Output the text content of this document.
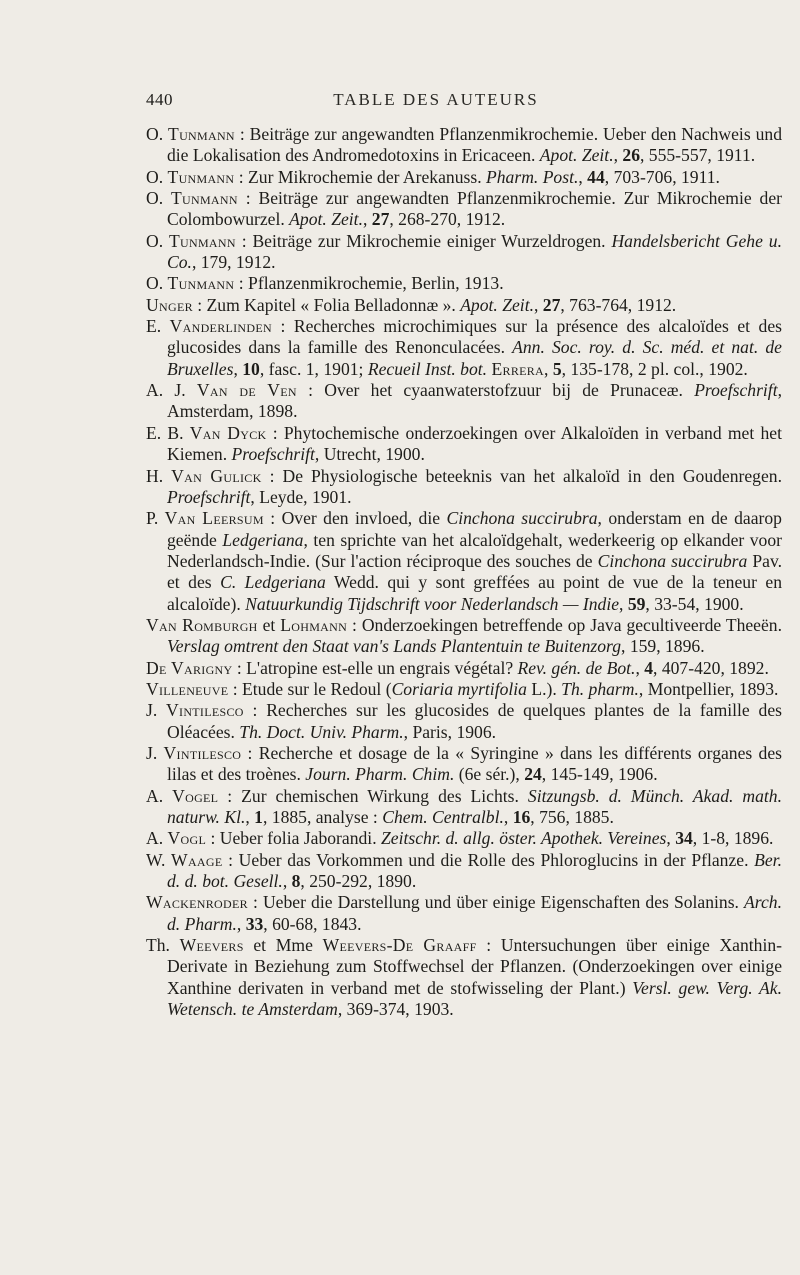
440	TABLE DES AUTEURS

O. Tunmann : Beiträge zur angewandten Pflanzenmikrochemie. Ueber den Nachweis und die Lokalisation des Andromedotoxins in Ericaceen. Apot. Zeit., 26, 555-557, 1911.

O. Tunmann : Zur Mikrochemie der Arekanuss. Pharm. Post., 44, 703-706, 1911.

O. Tunmann : Beiträge zur angewandten Pflanzenmikrochemie. Zur Mikrochemie der Colombowurzel. Apot. Zeit., 27, 268-270, 1912.

O. Tunmann : Beiträge zur Mikrochemie einiger Wurzeldrogen. Handelsbericht Gehe u. Co., 179, 1912.

O. Tunmann : Pflanzenmikrochemie, Berlin, 1913.

Unger : Zum Kapitel « Folia Belladonnæ ». Apot. Zeit., 27, 763-764, 1912.

E. Vanderlinden : Recherches microchimiques sur la présence des alcaloïdes et des glucosides dans la famille des Renonculacées. Ann. Soc. roy. d. Sc. méd. et nat. de Bruxelles, 10, fasc. 1, 1901; Recueil Inst. bot. Errera, 5, 135-178, 2 pl. col., 1902.

A. J. Van de Ven : Over het cyaanwaterstofzuur bij de Prunaceæ. Proefschrift, Amsterdam, 1898.

E. B. Van Dyck : Phytochemische onderzoekingen over Alkaloïden in verband met het Kiemen. Proefschrift, Utrecht, 1900.

H. Van Gulick : De Physiologische beteeknis van het alkaloïd in den Goudenregen. Proefschrift, Leyde, 1901.

P. Van Leersum : Over den invloed, die Cinchona succirubra, onderstam en de daarop geënde Ledgeriana, ten sprichte van het alcaloïdgehalt, wederkeerig op elkander voor Nederlandsch-Indie. (Sur l'action réciproque des souches de Cinchona succirubra Pav. et des C. Ledgeriana Wedd. qui y sont greffées au point de vue de la teneur en alcaloïde). Natuurkundig Tijdschrift voor Nederlandsch — Indie, 59, 33-54, 1900.

Van Romburgh et Lohmann : Onderzoekingen betreffende op Java gecultiveerde Theeën. Verslag omtrent den Staat van's Lands Plantentuin te Buitenzorg, 159, 1896.

De Varigny : L'atropine est-elle un engrais végétal? Rev. gén. de Bot., 4, 407-420, 1892.

Villeneuve : Etude sur le Redoul (Coriaria myrtifolia L.). Th. pharm., Montpellier, 1893.

J. Vintilesco : Recherches sur les glucosides de quelques plantes de la famille des Oléacées. Th. Doct. Univ. Pharm., Paris, 1906.

J. Vintilesco : Recherche et dosage de la « Syringine » dans les différents organes des lilas et des troènes. Journ. Pharm. Chim. (6e sér.), 24, 145-149, 1906.

A. Vogel : Zur chemischen Wirkung des Lichts. Sitzungsb. d. Münch. Akad. math. naturw. Kl., 1, 1885, analyse : Chem. Centralbl., 16, 756, 1885.

A. Vogl : Ueber folia Jaborandi. Zeitschr. d. allg. öster. Apothek. Vereines, 34, 1-8, 1896.

W. Waage : Ueber das Vorkommen und die Rolle des Phloroglucins in der Pflanze. Ber. d. d. bot. Gesell., 8, 250-292, 1890.

Wackenroder : Ueber die Darstellung und über einige Eigenschaften des Solanins. Arch. d. Pharm., 33, 60-68, 1843.

Th. Weevers et Mme Weevers-De Graaff : Untersuchungen über einige Xanthin-Derivate in Beziehung zum Stoffwechsel der Pflanzen. (Onderzoekingen over einige Xanthine derivaten in verband met de stofwisseling der Plant.) Versl. gew. Verg. Ak. Wetensch. te Amsterdam, 369-374, 1903.
